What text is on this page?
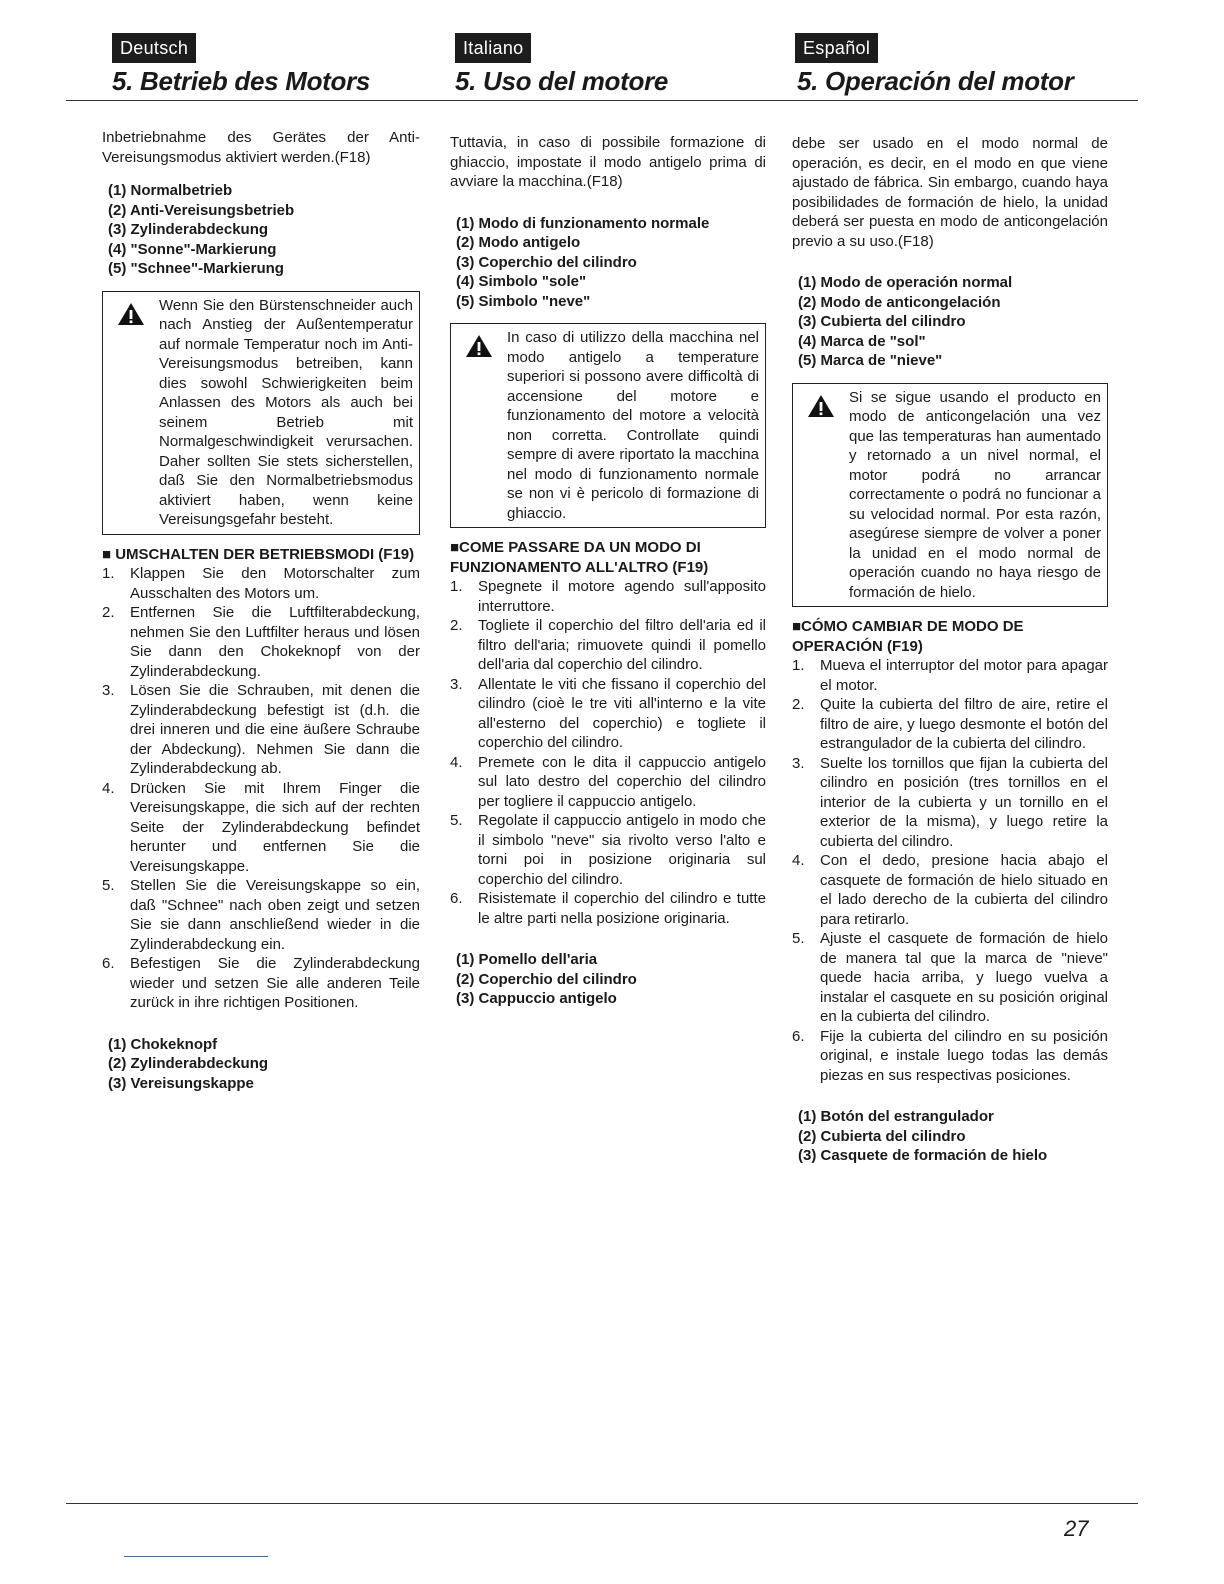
Deutsch
5. Betrieb des Motors

Inbetriebnahme des Gerätes der Anti-Vereisungsmodus aktiviert werden.(F18)

(1) Normalbetrieb
(2) Anti-Vereisungsbetrieb
(3) Zylinderabdeckung
(4) "Sonne"-Markierung
(5) "Schnee"-Markierung

Wenn Sie den Bürstenschneider auch nach Anstieg der Außentemperatur auf normale Temperatur noch im Anti-Vereisungsmodus betreiben, kann dies sowohl Schwierigkeiten beim Anlassen des Motors als auch bei seinem Betrieb mit Normalgeschwindigkeit verursachen. Daher sollten Sie stets sicherstellen, daß Sie den Normalbetriebsmodus aktiviert haben, wenn keine Vereisungsgefahr besteht.

■ UMSCHALTEN DER BETRIEBSMODI (F19)

1. Klappen Sie den Motorschalter zum Ausschalten des Motors um.
2. Entfernen Sie die Luftfilterabdeckung, nehmen Sie den Luftfilter heraus und lösen Sie dann den Chokeknopf von der Zylinderabdeckung.
3. Lösen Sie die Schrauben, mit denen die Zylinderabdeckung befestigt ist (d.h. die drei inneren und die eine äußere Schraube der Abdeckung). Nehmen Sie dann die Zylinderabdeckung ab.
4. Drücken Sie mit Ihrem Finger die Vereisungskappe, die sich auf der rechten Seite der Zylinderabdeckung befindet herunter und entfernen Sie die Vereisungskappe.
5. Stellen Sie die Vereisungskappe so ein, daß "Schnee" nach oben zeigt und setzen Sie sie dann anschließend wieder in die Zylinderabdeckung ein.
6. Befestigen Sie die Zylinderabdeckung wieder und setzen Sie alle anderen Teile zurück in ihre richtigen Positionen.
(1) Chokeknopf
(2) Zylinderabdeckung
(3) Vereisungskappe
Italiano
5. Uso del motore

Tuttavia, in caso di possibile formazione di ghiaccio, impostate il modo antigelo prima di avviare la macchina.(F18)

(1) Modo di funzionamento normale
(2) Modo antigelo
(3) Coperchio del cilindro
(4) Simbolo "sole"
(5) Simbolo "neve"

In caso di utilizzo della macchina nel modo antigelo a temperature superiori si possono avere difficoltà di accensione del motore e funzionamento del motore a velocità non corretta. Controllate quindi sempre di avere riportato la macchina nel modo di funzionamento normale se non vi è pericolo di formazione di ghiaccio.

■COME PASSARE DA UN MODO DI FUNZIONAMENTO ALL'ALTRO (F19)

1. Spegnete il motore agendo sull'apposito interruttore.
2. Togliete il coperchio del filtro dell'aria ed il filtro dell'aria; rimuovete quindi il pomello dell'aria dal coperchio del cilindro.
3. Allentate le viti che fissano il coperchio del cilindro (cioè le tre viti all'interno e la vite all'esterno del coperchio) e togliete il coperchio del cilindro.
4. Premete con le dita il cappuccio antigelo sul lato destro del coperchio del cilindro per togliere il cappuccio antigelo.
5. Regolate il cappuccio antigelo in modo che il simbolo "neve" sia rivolto verso l'alto e torni poi in posizione originaria sul coperchio del cilindro.
6. Risistemate il coperchio del cilindro e tutte le altre parti nella posizione originaria.
(1) Pomello dell'aria
(2) Coperchio del cilindro
(3) Cappuccio antigelo
Español
5. Operación del motor

debe ser usado en el modo normal de operación, es decir, en el modo en que viene ajustado de fábrica. Sin embargo, cuando haya posibilidades de formación de hielo, la unidad deberá ser puesta en modo de anticongelación previo a su uso.(F18)

(1) Modo de operación normal
(2) Modo de anticongelación
(3) Cubierta del cilindro
(4) Marca de "sol"
(5) Marca de "nieve"

Si se sigue usando el producto en modo de anticongelación una vez que las temperaturas han aumentado y retornado a un nivel normal, el motor podrá no arrancar correctamente o podrá no funcionar a su velocidad normal. Por esta razón, asegúrese siempre de volver a poner la unidad en el modo normal de operación cuando no haya riesgo de formación de hielo.

■CÓMO CAMBIAR DE MODO DE OPERACIÓN (F19)

1. Mueva el interruptor del motor para apagar el motor.
2. Quite la cubierta del filtro de aire, retire el filtro de aire, y luego desmonte el botón del estrangulador de la cubierta del cilindro.
3. Suelte los tornillos que fijan la cubierta del cilindro en posición (tres tornillos en el interior de la cubierta y un tornillo en el exterior de la misma), y luego retire la cubierta del cilindro.
4. Con el dedo, presione hacia abajo el casquete de formación de hielo situado en el lado derecho de la cubierta del cilindro para retirarlo.
5. Ajuste el casquete de formación de hielo de manera tal que la marca de "nieve" quede hacia arriba, y luego vuelva a instalar el casquete en su posición original en la cubierta del cilindro.
6. Fije la cubierta del cilindro en su posición original, e instale luego todas las demás piezas en sus respectivas posiciones.
(1) Botón del estrangulador
(2) Cubierta del cilindro
(3) Casquete de formación de hielo
27
